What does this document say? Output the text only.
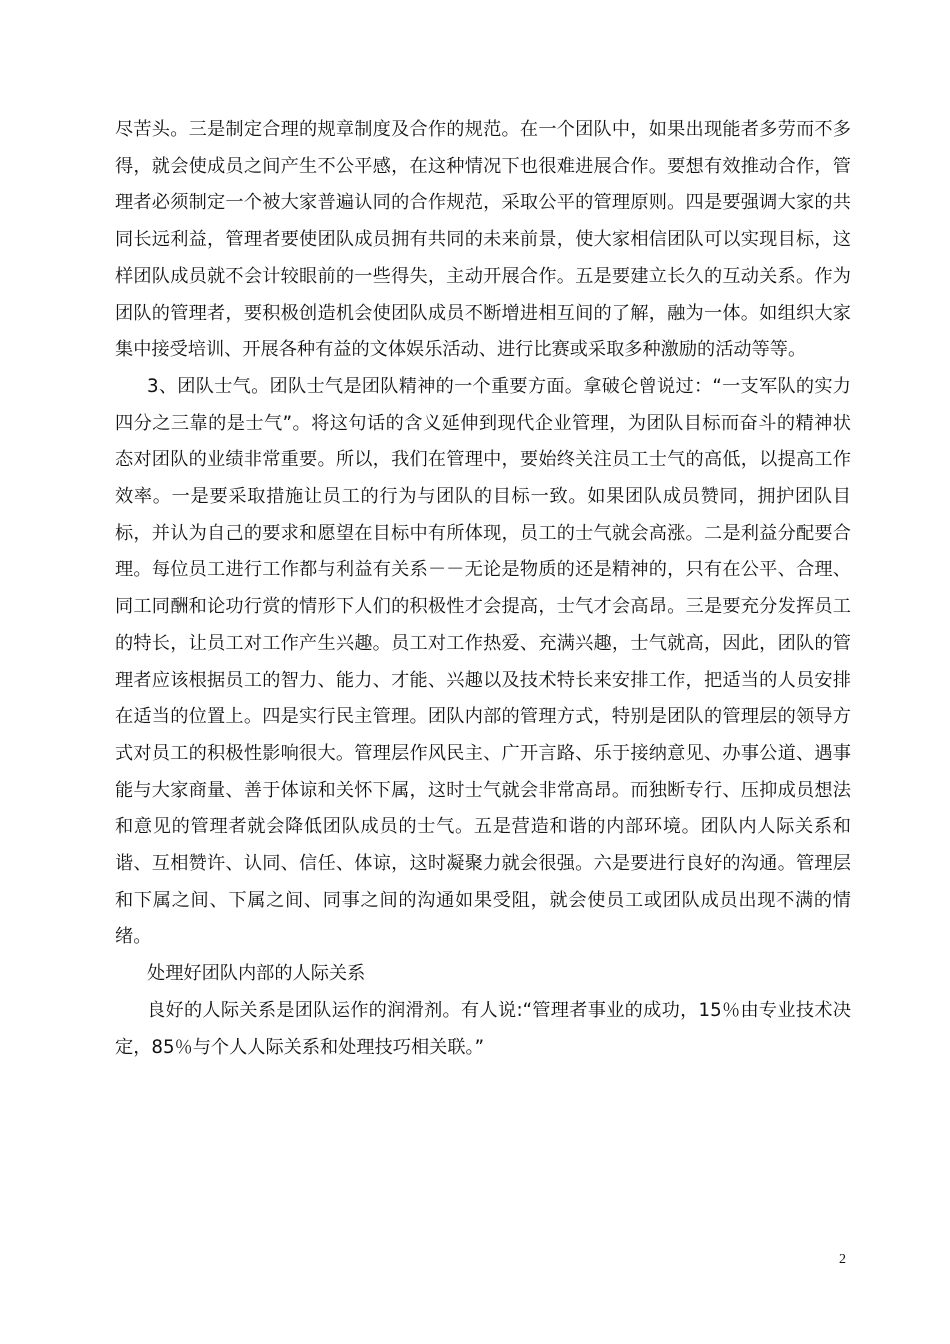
尽苦头。三是制定合理的规章制度及合作的规范。在一个团队中，如果出现能者多劳而不多得，就会使成员之间产生不公平感，在这种情况下也很难进展合作。要想有效推动合作，管理者必须制定一个被大家普遍认同的合作规范，采取公平的管理原则。四是要强调大家的共同长远利益，管理者要使团队成员拥有共同的未来前景，使大家相信团队可以实现目标，这样团队成员就不会计较眼前的一些得失，主动开展合作。五是要建立长久的互动关系。作为团队的管理者，要积极创造机会使团队成员不断增进相互间的了解，融为一体。如组织大家集中接受培训、开展各种有益的文体娱乐活动、进行比赛或采取多种激励的活动等等。

3、团队士气。团队士气是团队精神的一个重要方面。拿破仑曾说过：“一支军队的实力四分之三靠的是士气”。将这句话的含义延伸到现代企业管理，为团队目标而奋斗的精神状态对团队的业绩非常重要。所以，我们在管理中，要始终关注员工士气的高低，以提高工作效率。一是要采取措施让员工的行为与团队的目标一致。如果团队成员赞同，拥护团队目标，并认为自己的要求和愿望在目标中有所体现，员工的士气就会高涨。二是利益分配要合理。每位员工进行工作都与利益有关系－－无论是物质的还是精神的，只有在公平、合理、同工同酬和论功行赏的情形下人们的积极性才会提高，士气才会高昂。三是要充分发挥员工的特长，让员工对工作产生兴趣。员工对工作热爱、充满兴趣，士气就高，因此，团队的管理者应该根据员工的智力、能力、才能、兴趣以及技术特长来安排工作，把适当的人员安排在适当的位置上。四是实行民主管理。团队内部的管理方式，特别是团队的管理层的领导方式对员工的积极性影响很大。管理层作风民主、广开言路、乐于接纳意见、办事公道、遇事能与大家商量、善于体谅和关怀下属，这时士气就会非常高昂。而独断专行、压抑成员想法和意见的管理者就会降低团队成员的士气。五是营造和谐的内部环境。团队内人际关系和谐、互相赞许、认同、信任、体谅，这时凝聚力就会很强。六是要进行良好的沟通。管理层和下属之间、下属之间、同事之间的沟通如果受阻，就会使员工或团队成员出现不满的情绪。

处理好团队内部的人际关系

良好的人际关系是团队运作的润滑剂。有人说:“管理者事业的成功，15％由专业技术决定，85％与个人人际关系和处理技巧相关联。”

2
